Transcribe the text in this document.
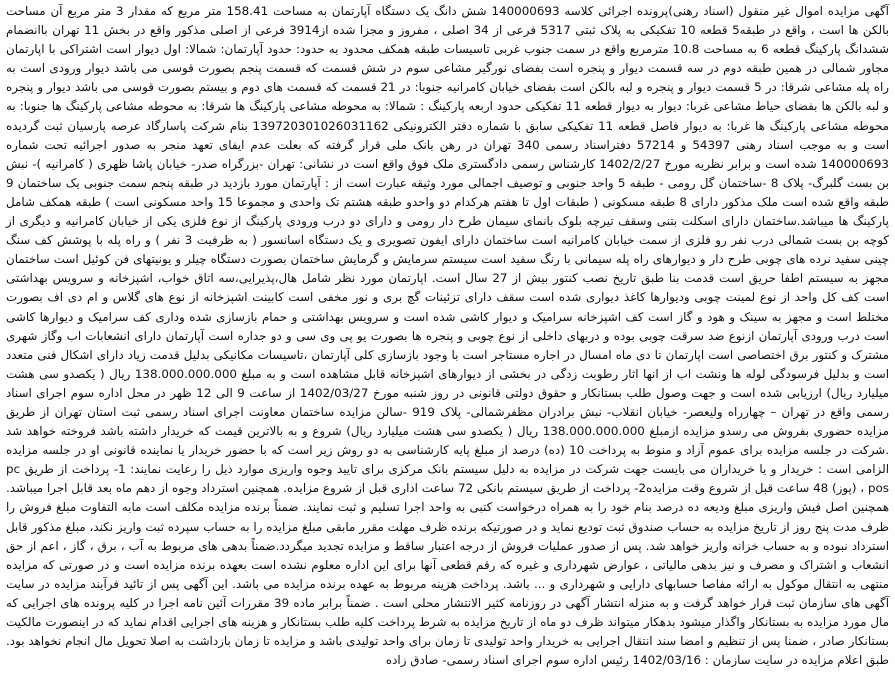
آگهی مزایده اموال غیر منقول (اسناد رهنی)پرونده اجرائی کلاسه 140000693 شش دانگ یک دستگاه آپارتمان به مساحت 158.41 متر مربع که مقدار 3 متر مربع آن مساحت بالکن ها است ، واقع در طبقه5 قطعه 10 تفکیکی به پلاک ثبتی 5317 فرعی از 34 اصلی ، مفروز و مجزا شده از3914 فرعی از اصلی مذکور واقع در بخش 11 تهران باانضمام ششدانگ پارکینگ قطعه 6 به مساحت 10.8 مترمربع واقع در سمت جنوب غربی تاسیسات طبقه همکف محدود به حدود: حدود آپارتمان: شمالا: اول دیوار است اشتراکی با اپارتمان مجاور شمالی در همین طبقه دوم در سه قسمت دیوار و پنجره است بفضای نورگیر مشاعی سوم در شش قسمت که قسمت پنجم بصورت قوسی می باشد دیوار ورودی است به راه پله مشاعی شرقا: در 5 قسمت دیوار و پنجره و لبه بالکن است بفضای خیابان کامرانیه جنوبا: در 21 قسمت که قسمت های دوم و بیستم بصورت قوسی می باشد دیوار و پنجره و لبه بالکن ها بفضای حیاط مشاعی غربا: دیوار به دیوار قطعه 11 تفکیکی حدود اربعه پارکینگ : شمالا: به محوطه مشاعی پارکینگ ها شرقا: به محوطه مشاعی پارکینگ ها جنوبا: به محوطه مشاعی پارکینگ ها غربا: به دیوار فاصل قطعه 11 تفکیکی سابق با شماره دفتر الکترونیکی 139720301026031162 بنام شرکت پاسارگاد عرصه پارسیان ثبت گردیده است و به موجب اسناد رهنی 54397 و 57214 دفتراسناد رسمی 340 تهران در رهن بانک ملی قرار گرفته که بعلت عدم ایفای تعهد منجر به صدور اجرائیه تحت شماره 140000693 شده است و برابر نظریه مورخ 1402/2/27 کارشناس رسمی دادگستری ملک فوق واقع است در نشانی: تهران -بزرگراه صدر- خیابان پاشا ظهری ( کامرانیه )- نبش بن بست گلبرگ- پلاک 8 -ساختمان گل رومی - طبقه 5 واحد جنوبی و توصیف اجمالی مورد وثیقه عبارت است از : آپارتمان مورد بازدید در طبقه پنجم سمت جنوبی یک ساختمان 9 طبقه واقع شده است ملک مذکور دارای 8 طبقه مسکونی ( طبقات اول تا هفتم هرکدام دو واحدو طبقه هشتم تک واحدی و مجموعا 15 واحد مسکونی است ) طبقه همکف شامل پارکینگ ها میباشد.ساختمان دارای اسکلت بتنی وسقف تیرچه بلوک بانمای سیمان طرح دار رومی و دارای دو درب ورودی پارکینگ از نوع فلزی یکی از خیابان کامرانیه و دیگری از کوچه بن بست شمالی درب نفر رو فلزی از سمت خیابان کامرانیه است ساختمان دارای ایفون تصویری و یک دستگاه اسانسور ( به ظرفیت 3 نفر ) و راه پله با پوشش کف سنگ چینی سفید نرده های چوبی طرح دار و دیوارهای راه پله سیمانی با رنگ سفید است سیستم سرمایش و گرمایش ساختمان بصورت دستگاه چیلر و یونیتهای فن کوئیل است ساختمان مجهز به سیستم اطفا حریق است قدمت بنا طبق تاریخ نصب کنتور بیش از 27 سال است. اپارتمان مورد نظر شامل هال،پذیرایی،سه اتاق خواب، اشپزخانه و سرویس بهداشتی است کف کل واحد از نوع لمینت چوبی ودیوارها کاغذ دیواری شده است سقف دارای تزئینات گچ بری و نور مخفی است کابینت اشپزخانه از نوع های گلاس و ام دی اف بصورت مختلط است و مجهز به سینک و هود و گاز است کف اشپزخانه سرامیک و دیوار کاشی شده است و سرویس بهداشتی و حمام بازسازی شده وداری کف سرامیک و دیوارها کاشی است درب ورودی آپارتمان ازنوع ضد سرقت چوبی بوده و دربهای داخلی از نوع چوبی و پنجره ها بصورت یو پی وی سی و دو جداره است آپارتمان دارای انشعابات اب وگاز شهری مشترک و کنتور برق اختصاصی است اپارتمان تا دی ماه امسال در اجاره مستاجر است با وجود بازسازی کلی آپارتمان ،تاسیسات مکانیکی بدلیل قدمت زیاد دارای اشکال فنی متعدد است و بدلیل فرسودگی لوله ها ونشت اب از انها اثار رطوبت زدگی در بخشی از دیوارهای اشپزخانه قابل مشاهده است و به مبلغ 138.000.000.000 ریال ( یکصدو سی هشت میلیارد ریال) ارزیابی شده است و جهت وصول طلب بستانکار و حقوق دولتی قانونی در روز شنبه مورخ 1402/03/27 از ساعت 9 الی 12 ظهر در محل اداره سوم اجرای اسناد رسمی واقع در تهران – چهارراه ولیعصر- خیابان انقلاب- نبش برادران مظفرشمالی- پلاک 919 -سالن مزایده ساختمان معاونت اجرای اسناد رسمی ثبت استان تهران از طریق مزایده حضوری بفروش می رسدو مزایده ازمبلغ 138.000.000.000 ریال ( یکصدو سی هشت میلیارد ریال) شروع و به بالاترین قیمت که خریدار داشته باشد فروخته خواهد شد .شرکت در جلسه مزایده برای عموم آزاد و منوط به پرداخت 10 (ده) درصد از مبلغ پایه کارشناسی به دو روش زیر است که با حضور خریدار یا نماینده قانونی او در جلسه مزایده الزامی است : خریدار و یا خریداران می بایست جهت شرکت در مزایده به دلیل سیستم بانک مرکزی برای تایید وجوه واریزی موارد ذیل را رعایت نمایند: 1- پرداخت از طریق pc pos ، (پوز) 48 ساعت قبل از شروع وقت مزایده2- پرداخت از طریق سیستم بانکی 72 ساعت اداری قبل از شروع مزایده. همچنین استرداد وجوه از دهم ماه بعد قابل اجرا میباشد. همچنین اصل فیش واریزی مبلغ ودیعه ده درصد بنام خود را به همراه درخواست کتبی به واحد اجرا تسلیم و ثبت نمایند. ضمناً برنده مزایده مکلف است مابه التفاوت مبلغ فروش را ظرف مدت پنج روز از تاریخ مزایده به حساب صندوق ثبت تودیع نماید و در صورتیکه برنده ظرف مهلت مقرر مابقی مبلغ مزایده را به حساب سپرده ثبت واریز نکند، مبلغ مذکور قابل استرداد نبوده و به حساب خزانه واریز خواهد شد. پس از صدور عملیات فروش از درجه اعتبار ساقط و مزایده تجدید میگردد.ضمناً بدهی های مربوط به آب ، برق ، گاز ، اعم از حق انشعاب و اشتراک و مصرف و نیز بدهی مالیاتی ، عوارض شهرداری و غیره که رقم قطعی آنها برای این اداره معلوم نشده است بعهده برنده مزایده است و در صورتی که مزایده منتهی به انتقال موکول به ارائه مفاصا حسابهای دارایی و شهرداری و ... باشد. پرداخت هزینه مربوط به عهده برنده مزایده می باشد. این آگهی پس از تائید فرآیند مزایده در سایت آگهی های سازمان ثبت قرار خواهد گرفت و به منزله انتشار آگهی در روزنامه کثیر الانتشار محلی است . ضمناً برابر ماده 39 مقررات آئین نامه اجرا در کلیه پرونده های اجرایی که مال مورد مزایده به بستانکار واگذار میشود بدهکار میتواند ظرف دو ماه از تاریخ مزایده به شرط پرداخت کلیه طلب بستانکار و هزینه های اجرایی اقدام نماید که در اینصورت مالکیت بستانکار صادر ، ضمنا پس از تنظیم و امضا سند انتقال اجرایی به خریدار واحد تولیدی تا زمان برای واحد تولیدی باشد و مزایده تا زمان بازداشت به اصلا تحویل مال انجام نخواهد بود. طبق اعلام مزایده در سایت سازمان : 1402/03/16 رئیس اداره سوم اجرای اسناد رسمی- صادق زاده
